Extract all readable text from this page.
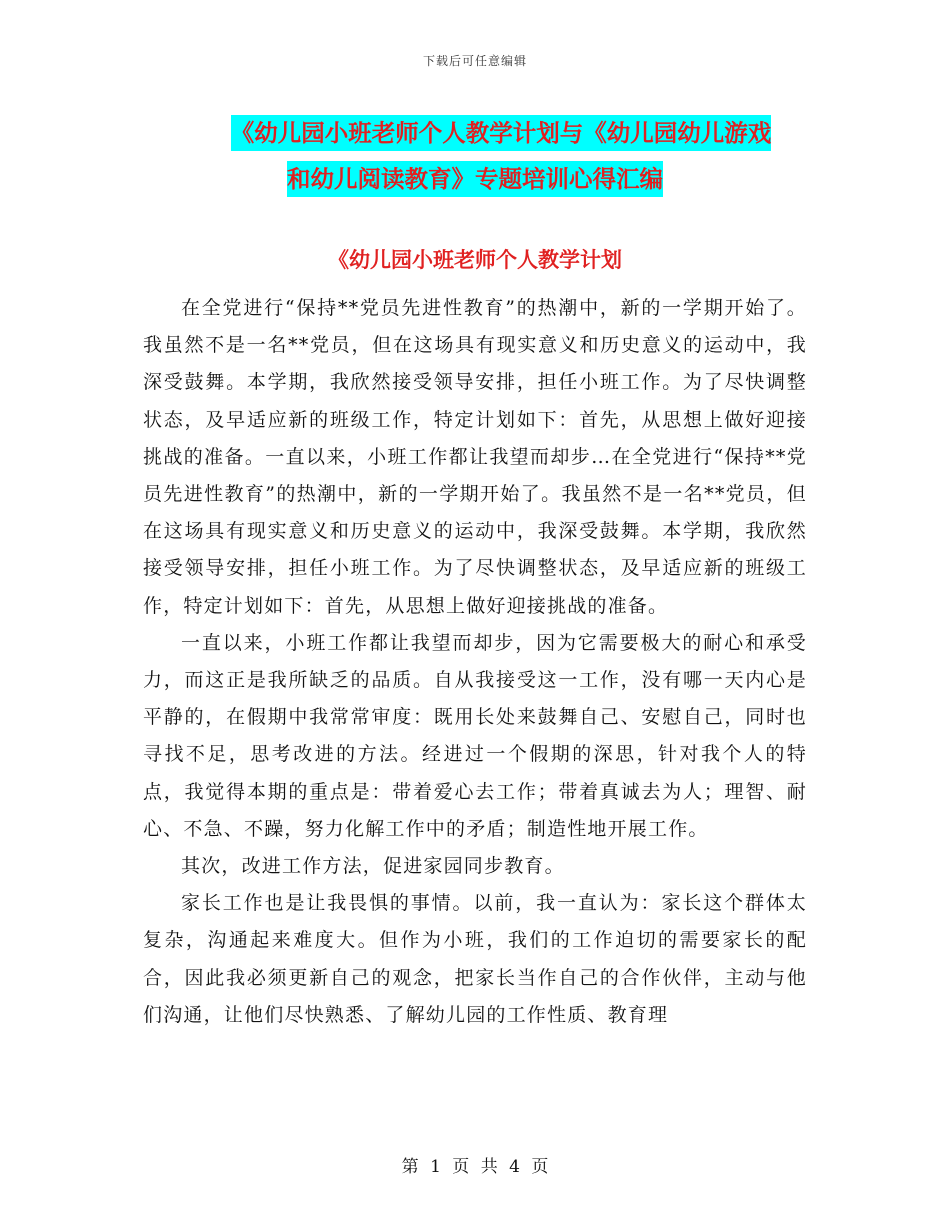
下载后可任意编辑
《幼儿园小班老师个人教学计划与《幼儿园幼儿游戏
和幼儿阅读教育》专题培训心得汇编
《幼儿园小班老师个人教学计划

在全党进行“保持**党员先进性教育”的热潮中，新的一学期开始了。我虽然不是一名**党员，但在这场具有现实意义和历史意义的运动中，我深受鼓舞。本学期，我欣然接受领导安排，担任小班工作。为了尽快调整状态，及早适应新的班级工作，特定计划如下：首先，从思想上做好迎接挑战的准备。一直以来，小班工作都让我望而却步…在全党进行“保持**党员先进性教育”的热潮中，新的一学期开始了。我虽然不是一名**党员，但在这场具有现实意义和历史意义的运动中，我深受鼓舞。本学期，我欣然接受领导安排，担任小班工作。为了尽快调整状态，及早适应新的班级工作，特定计划如下：首先，从思想上做好迎接挑战的准备。

一直以来，小班工作都让我望而却步，因为它需要极大的耐心和承受力，而这正是我所缺乏的品质。自从我接受这一工作，没有哪一天内心是平静的，在假期中我常常审度：既用长处来鼓舞自己、安慰自己，同时也寻找不足，思考改进的方法。经进过一个假期的深思，针对我个人的特点，我觉得本期的重点是：带着爱心去工作；带着真诚去为人；理智、耐心、不急、不躁，努力化解工作中的矛盾；制造性地开展工作。

其次，改进工作方法，促进家园同步教育。

家长工作也是让我畏惧的事情。以前，我一直认为：家长这个群体太复杂，沟通起来难度大。但作为小班，我们的工作迫切的需要家长的配合，因此我必须更新自己的观念，把家长当作自己的合作伙伴，主动与他们沟通，让他们尽快熟悉、了解幼儿园的工作性质、教育理

第 1 页 共 4 页
